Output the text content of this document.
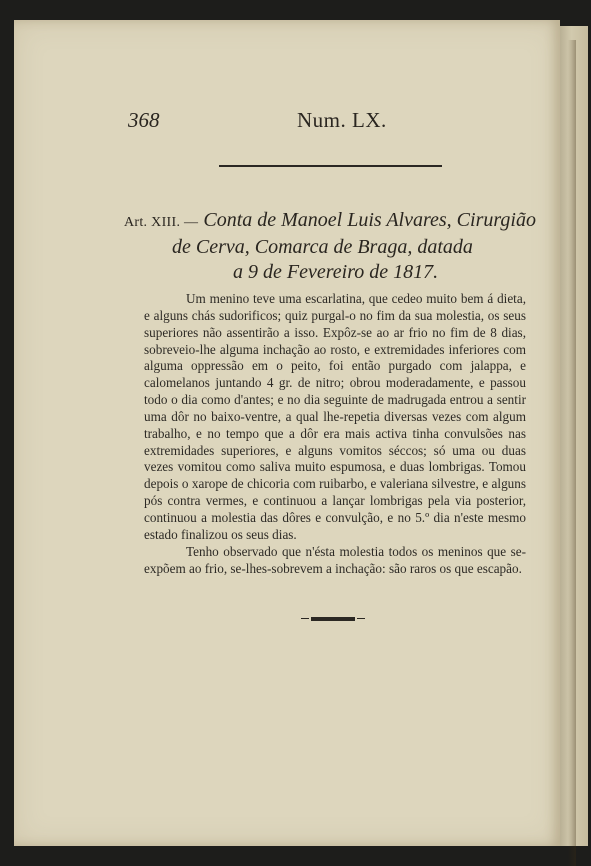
368	Num. LX.
Art. XIII. — Conta de Manoel Luis Alvares, Cirurgião
de Cerva, Comarca de Braga, datada
a 9 de Fevereiro de 1817.

Um menino teve uma escarlatina, que cedeo muito bem á dieta, e alguns chás sudorificos; quiz purgal-o no fim da sua molestia, os seus superiores não assentirão a isso. Expôz-se ao ar frio no fim de 8 dias, sobreveio-lhe alguma inchação ao rosto, e extremidades inferiores com alguma oppressão em o peito, foi então purgado com jalappa, e calomelanos juntando 4 gr. de nitro; obrou moderadamente, e passou todo o dia como d'antes; e no dia seguinte de madrugada entrou a sentir uma dôr no baixo-ventre, a qual lhe-repetia diversas vezes com algum trabalho, e no tempo que a dôr era mais activa tinha convulsões nas extremidades superiores, e alguns vomitos séccos; só uma ou duas vezes vomitou como saliva muito espumosa, e duas lombrigas. Tomou depois o xarope de chicoria com ruibarbo, e valeriana silvestre, e alguns pós contra vermes, e continuou a lançar lombrigas pela via posterior, continuou a molestia das dôres e convulção, e no 5.º dia n'este mesmo estado finalizou os seus dias.

Tenho observado que n'ésta molestia todos os meninos que se-expõem ao frio, se-lhes-sobrevem a inchação: são raros os que escapão.
